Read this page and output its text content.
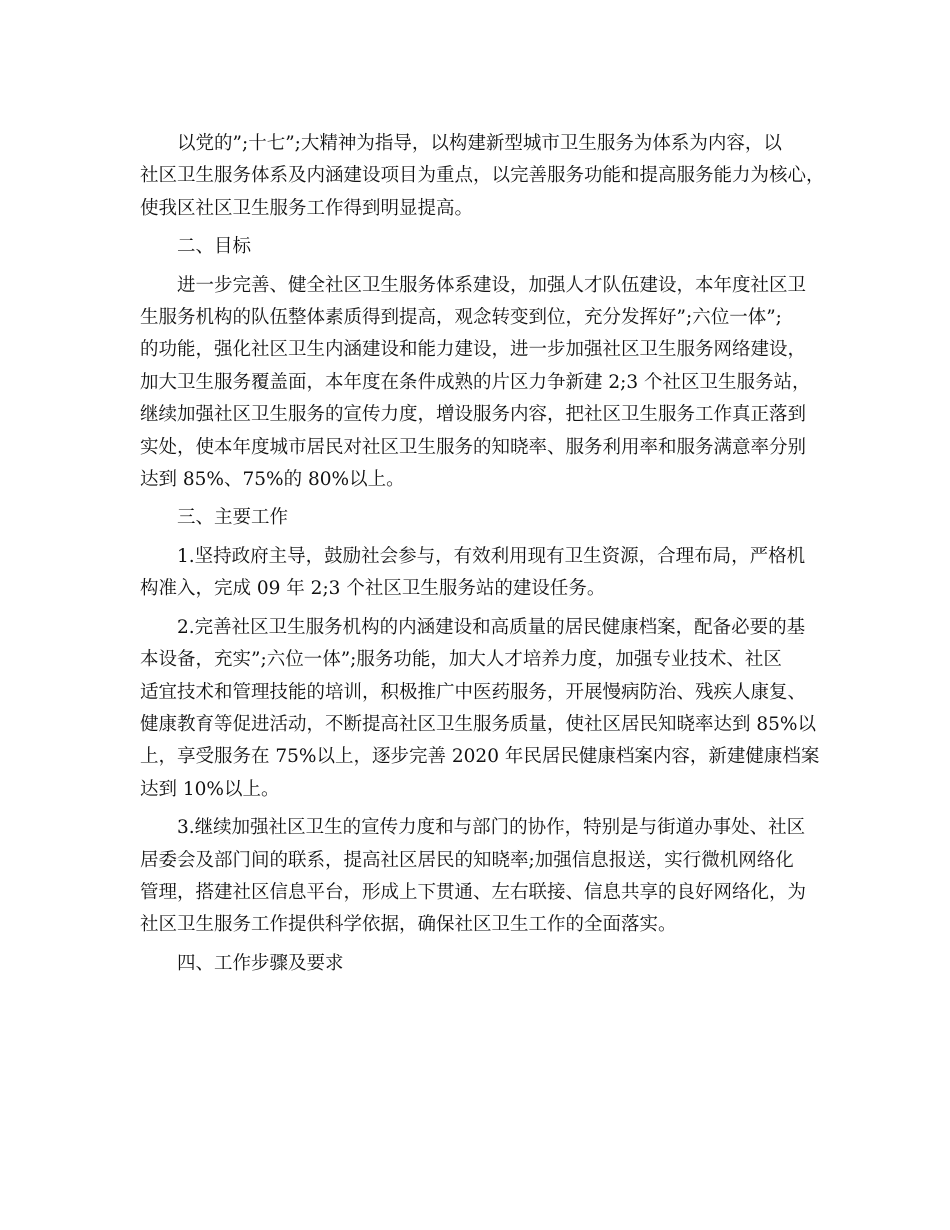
以党的”;十七”;大精神为指导，以构建新型城市卫生服务为体系为内容，以
社区卫生服务体系及内涵建设项目为重点，以完善服务功能和提高服务能力为核心，
使我区社区卫生服务工作得到明显提高。
二、目标
进一步完善、健全社区卫生服务体系建设，加强人才队伍建设，本年度社区卫
生服务机构的队伍整体素质得到提高，观念转变到位，充分发挥好”;六位一体”;
的功能，强化社区卫生内涵建设和能力建设，进一步加强社区卫生服务网络建设，
加大卫生服务覆盖面，本年度在条件成熟的片区力争新建 2;3 个社区卫生服务站，
继续加强社区卫生服务的宣传力度，增设服务内容，把社区卫生服务工作真正落到
实处，使本年度城市居民对社区卫生服务的知晓率、服务利用率和服务满意率分别
达到 85%、75%的 80%以上。
三、主要工作
1.坚持政府主导，鼓励社会参与，有效利用现有卫生资源，合理布局，严格机
构准入，完成 09 年 2;3 个社区卫生服务站的建设任务。
2.完善社区卫生服务机构的内涵建设和高质量的居民健康档案，配备必要的基
本设备，充实”;六位一体”;服务功能，加大人才培养力度，加强专业技术、社区
适宜技术和管理技能的培训，积极推广中医药服务，开展慢病防治、残疾人康复、
健康教育等促进活动，不断提高社区卫生服务质量，使社区居民知晓率达到 85%以
上，享受服务在 75%以上，逐步完善 2020 年民居民健康档案内容，新建健康档案
达到 10%以上。
3.继续加强社区卫生的宣传力度和与部门的协作，特别是与街道办事处、社区
居委会及部门间的联系，提高社区居民的知晓率;加强信息报送，实行微机网络化
管理，搭建社区信息平台，形成上下贯通、左右联接、信息共享的良好网络化，为
社区卫生服务工作提供科学依据，确保社区卫生工作的全面落实。
四、工作步骤及要求
